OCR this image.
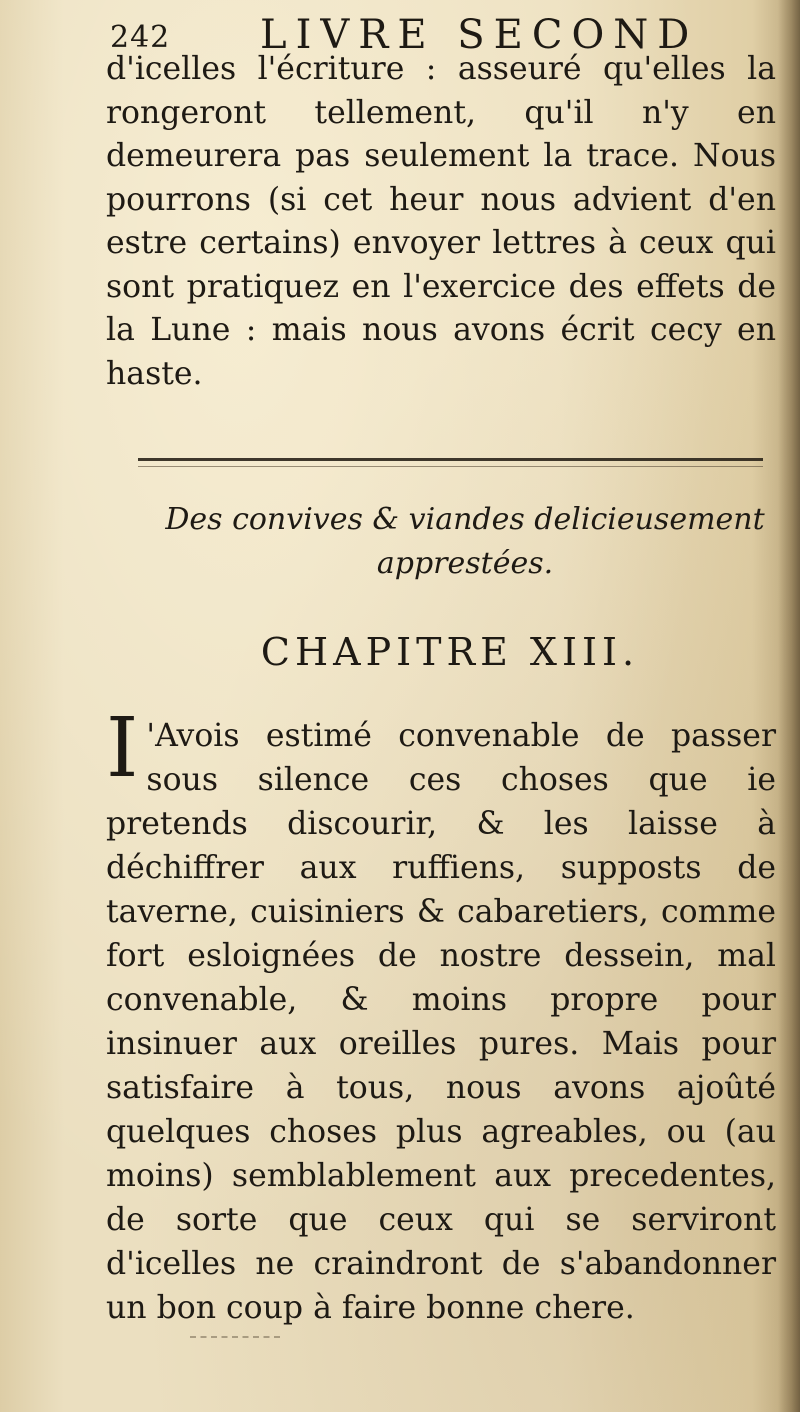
242 LIVRE SECOND
d'icelles l'écriture : asseuré qu'elles la rongeront tellement, qu'il n'y en demeurera pas seulement la trace. Nous pourrons (si cet heur nous advient d'en estre certains) envoyer lettres à ceux qui sont pratiquez en l'exercice des effets de la Lune : mais nous avons écrit cecy en haste.
Des convives & viandes delicieusement
apprestées.
CHAPITRE XIII.
I 'Avois estimé convenable de passer sous silence ces choses que ie pretends discourir, & les laisse à déchiffrer aux ruffiens, supposts de taverne, cuisiniers & cabaretiers, comme fort esloignées de nostre dessein, mal convenable, & moins propre pour insinuer aux oreilles pures. Mais pour satisfaire à tous, nous avons ajoûté quelques choses plus agreables, ou (au moins) semblablement aux precedentes, de sorte que ceux qui se serviront d'icelles ne craindront de s'abandonner un bon coup à faire bonne chere.
